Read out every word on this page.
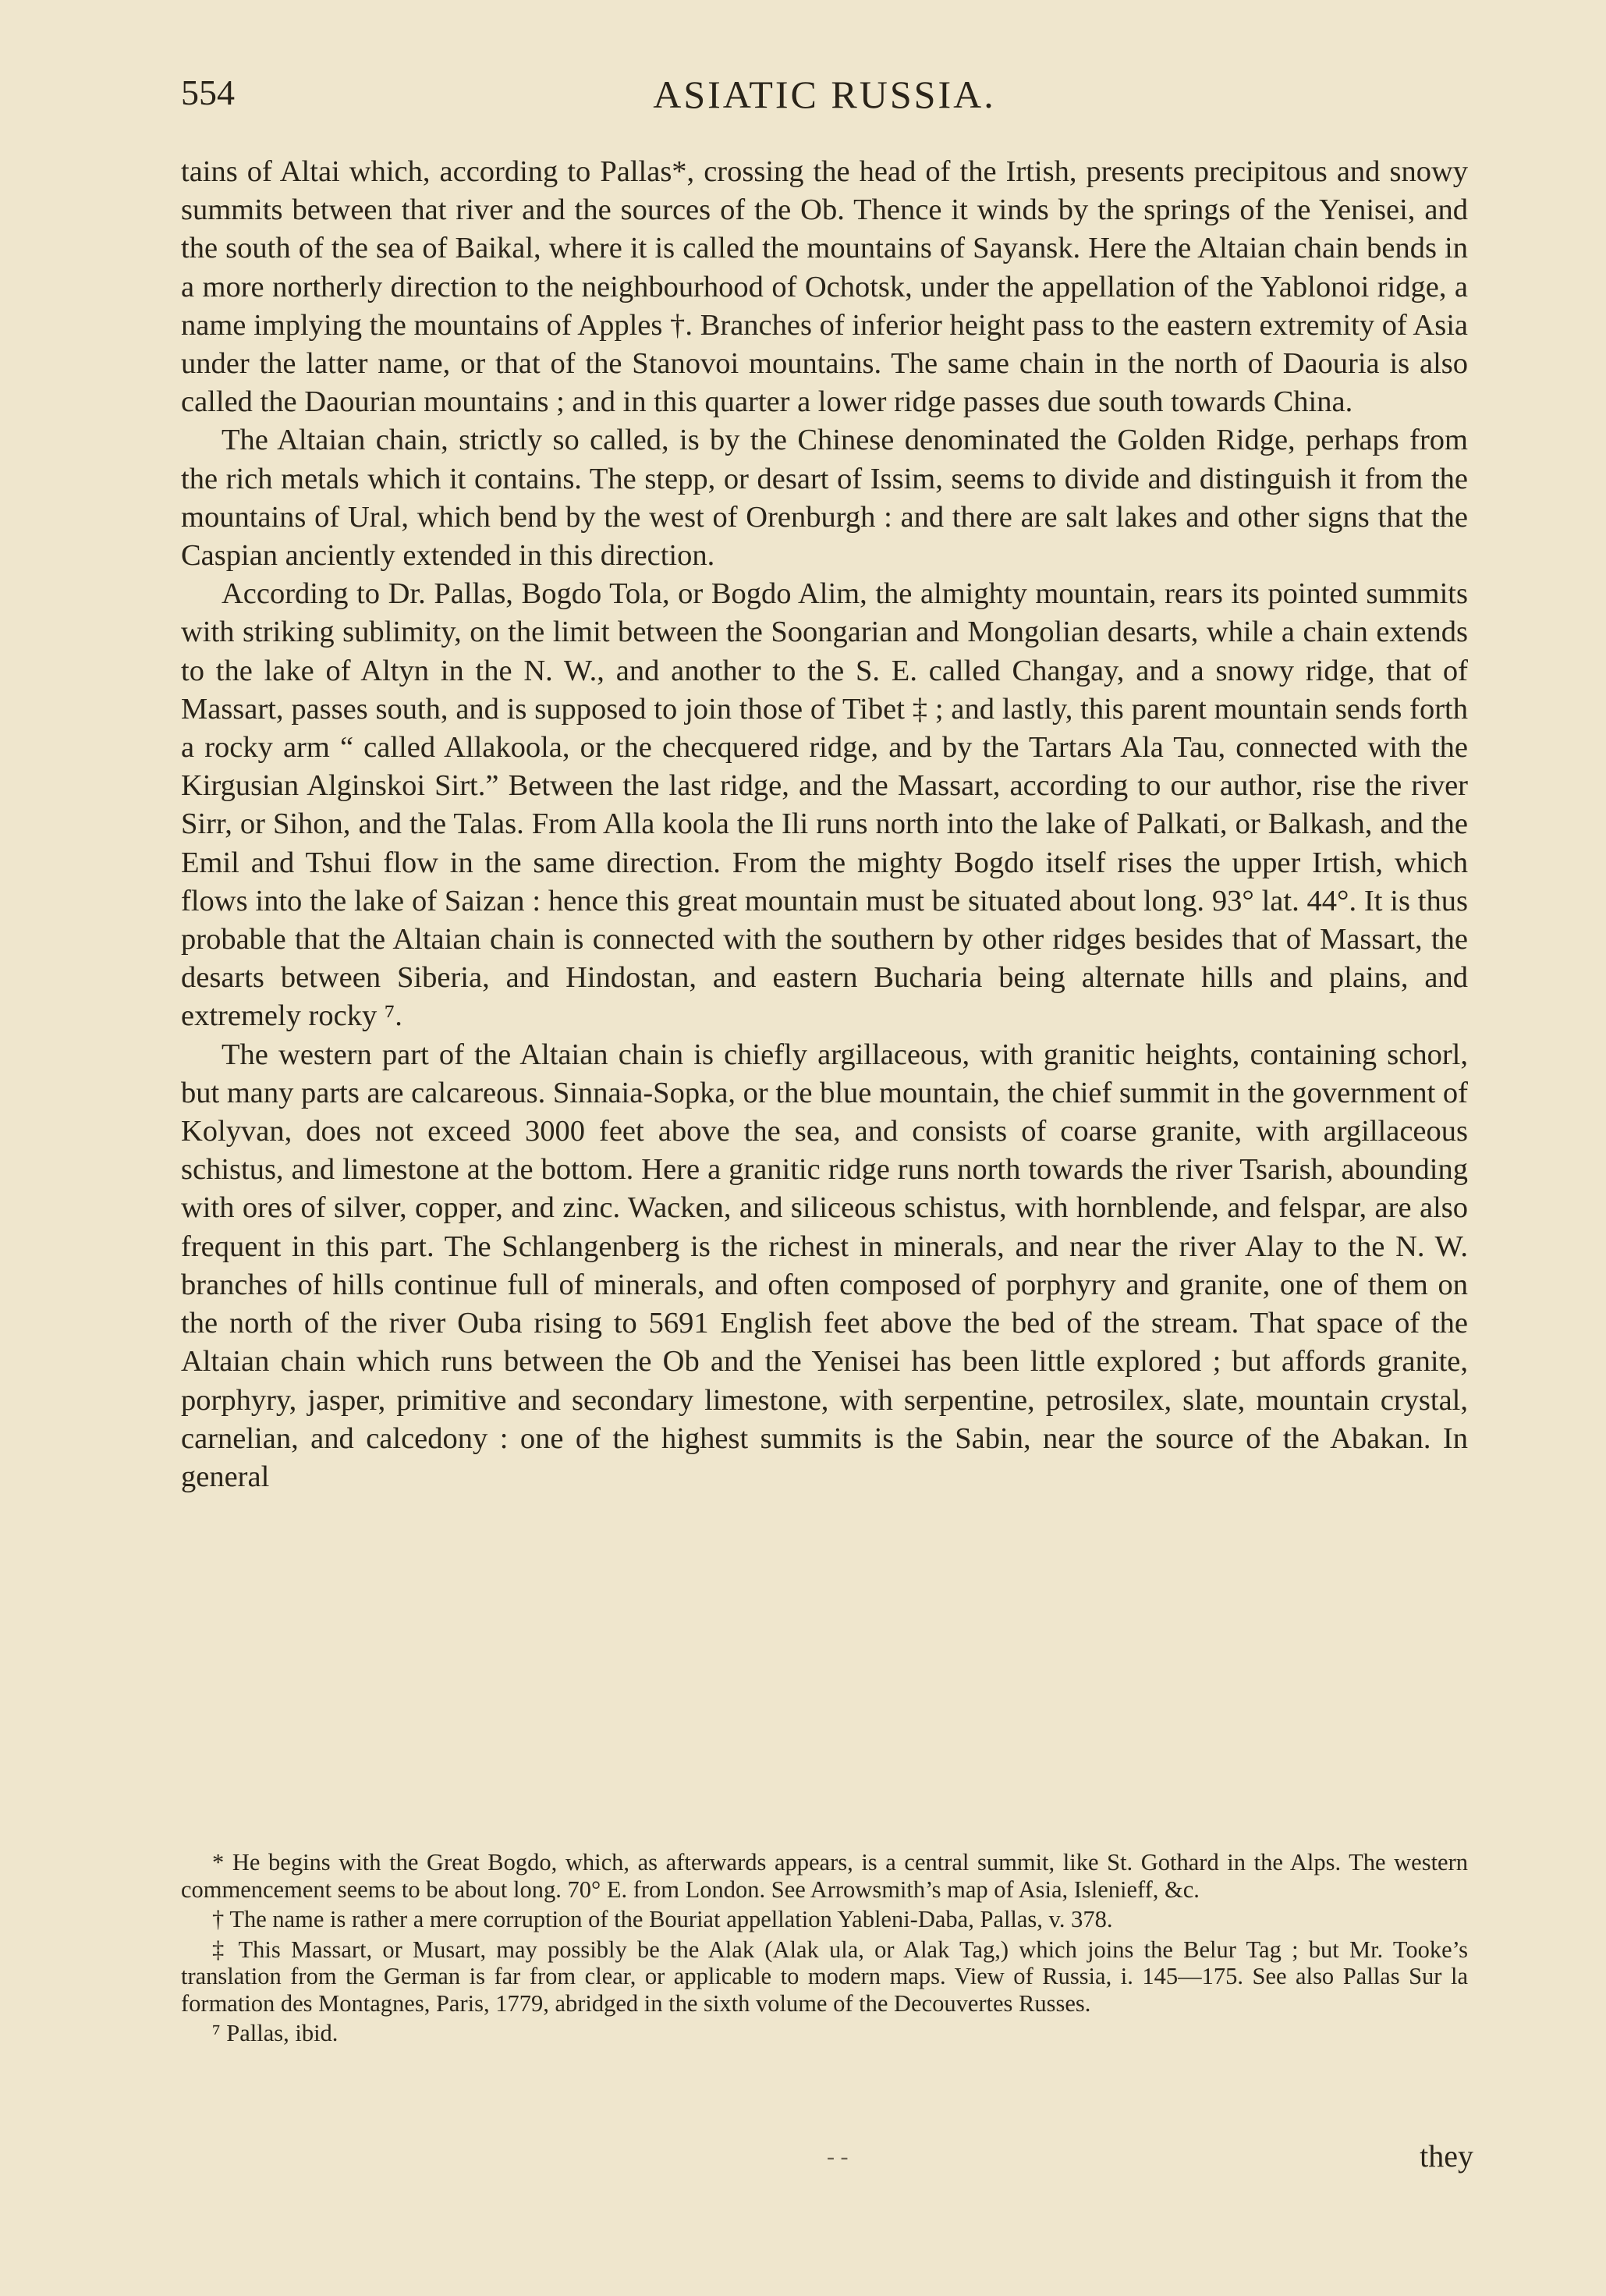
554	ASIATIC RUSSIA.

tains of Altai which, according to Pallas*, crossing the head of the Irtish, presents precipitous and snowy summits between that river and the sources of the Ob. Thence it winds by the springs of the Yenisei, and the south of the sea of Baikal, where it is called the mountains of Sayansk. Here the Altaian chain bends in a more northerly direction to the neighbourhood of Ochotsk, under the appellation of the Yablonoi ridge, a name implying the mountains of Apples †. Branches of inferior height pass to the eastern extremity of Asia under the latter name, or that of the Stanovoi mountains. The same chain in the north of Daouria is also called the Daourian mountains ; and in this quarter a lower ridge passes due south towards China.

The Altaian chain, strictly so called, is by the Chinese denominated the Golden Ridge, perhaps from the rich metals which it contains. The stepp, or desart of Issim, seems to divide and distinguish it from the mountains of Ural, which bend by the west of Orenburgh : and there are salt lakes and other signs that the Caspian anciently extended in this direction.

According to Dr. Pallas, Bogdo Tola, or Bogdo Alim, the almighty mountain, rears its pointed summits with striking sublimity, on the limit between the Soongarian and Mongolian desarts, while a chain extends to the lake of Altyn in the N. W., and another to the S. E. called Changay, and a snowy ridge, that of Massart, passes south, and is supposed to join those of Tibet ‡ ; and lastly, this parent mountain sends forth a rocky arm “ called Allakoola, or the checquered ridge, and by the Tartars Ala Tau, connected with the Kirgusian Alginskoi Sirt.” Between the last ridge, and the Massart, according to our author, rise the river Sirr, or Sihon, and the Talas. From Alla koola the Ili runs north into the lake of Palkati, or Balkash, and the Emil and Tshui flow in the same direction. From the mighty Bogdo itself rises the upper Irtish, which flows into the lake of Saizan : hence this great mountain must be situated about long. 93° lat. 44°. It is thus probable that the Altaian chain is connected with the southern by other ridges besides that of Massart, the desarts between Siberia, and Hindostan, and eastern Bucharia being alternate hills and plains, and extremely rocky ⁷.

The western part of the Altaian chain is chiefly argillaceous, with granitic heights, containing schorl, but many parts are calcareous. Sinnaia-Sopka, or the blue mountain, the chief summit in the government of Kolyvan, does not exceed 3000 feet above the sea, and consists of coarse granite, with argillaceous schistus, and limestone at the bottom. Here a granitic ridge runs north towards the river Tsarish, abounding with ores of silver, copper, and zinc. Wacken, and siliceous schistus, with hornblende, and felspar, are also frequent in this part. The Schlangenberg is the richest in minerals, and near the river Alay to the N. W. branches of hills continue full of minerals, and often composed of porphyry and granite, one of them on the north of the river Ouba rising to 5691 English feet above the bed of the stream. That space of the Altaian chain which runs between the Ob and the Yenisei has been little explored ; but affords granite, porphyry, jasper, primitive and secondary limestone, with serpentine, petrosilex, slate, mountain crystal, carnelian, and calcedony : one of the highest summits is the Sabin, near the source of the Abakan. In general

* He begins with the Great Bogdo, which, as afterwards appears, is a central summit, like St. Gothard in the Alps. The western commencement seems to be about long. 70° E. from London. See Arrowsmith’s map of Asia, Islenieff, &c.

† The name is rather a mere corruption of the Bouriat appellation Yableni-Daba, Pallas, v. 378.

‡ This Massart, or Musart, may possibly be the Alak (Alak ula, or Alak Tag,) which joins the Belur Tag ; but Mr. Tooke’s translation from the German is far from clear, or applicable to modern maps. View of Russia, i. 145—175. See also Pallas Sur la formation des Montagnes, Paris, 1779, abridged in the sixth volume of the Decouvertes Russes.

⁷ Pallas, ibid.

- -	they
